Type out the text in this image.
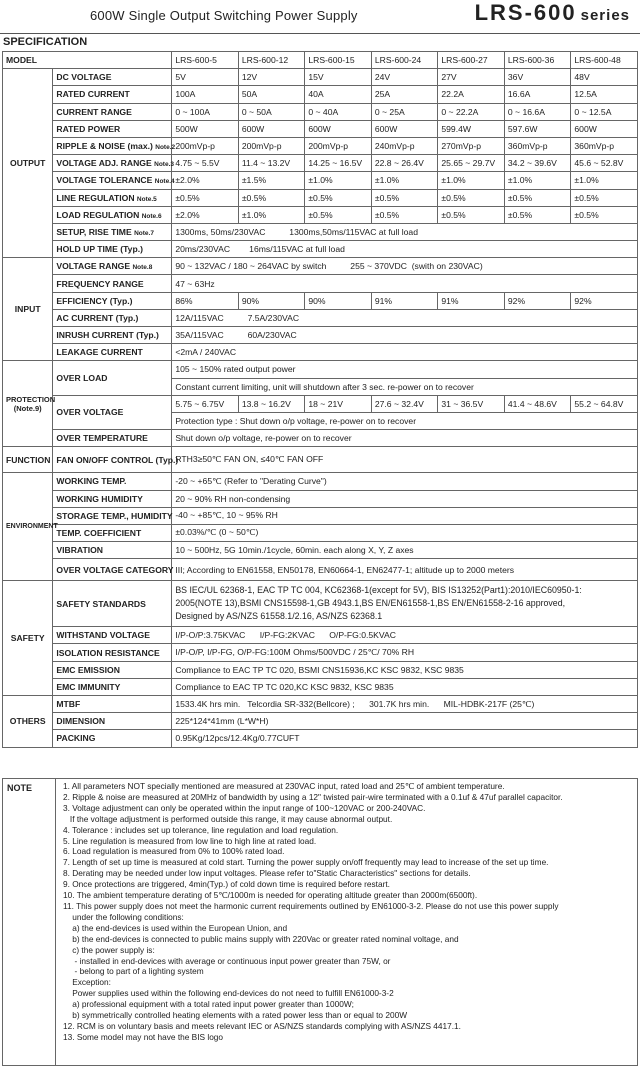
600W Single Output Switching Power Supply	LRS-600 series
SPECIFICATION
MODEL		LRS-600-5	LRS-600-12	LRS-600-15	LRS-600-24	LRS-600-27	LRS-600-36	LRS-600-48
OUTPUT	DC VOLTAGE	5V	12V	15V	24V	27V	36V	48V
	RATED CURRENT	100A	50A	40A	25A	22.2A	16.6A	12.5A
	CURRENT RANGE	0 ~ 100A	0 ~ 50A	0 ~ 40A	0 ~ 25A	0 ~ 22.2A	0 ~ 16.6A	0 ~ 12.5A
	RATED POWER	500W	600W	600W	600W	599.4W	597.6W	600W
	RIPPLE & NOISE (max.) Note.2	200mVp-p	200mVp-p	200mVp-p	240mVp-p	270mVp-p	360mVp-p	360mVp-p
	VOLTAGE ADJ. RANGE Note.3	4.75 ~ 5.5V	11.4 ~ 13.2V	14.25 ~ 16.5V	22.8 ~ 26.4V	25.65 ~ 29.7V	34.2 ~ 39.6V	45.6 ~ 52.8V
	VOLTAGE TOLERANCE Note.4	±2.0%	±1.5%	±1.0%	±1.0%	±1.0%	±1.0%	±1.0%
	LINE REGULATION Note.5	±0.5%	±0.5%	±0.5%	±0.5%	±0.5%	±0.5%	±0.5%
	LOAD REGULATION Note.6	±2.0%	±1.0%	±0.5%	±0.5%	±0.5%	±0.5%	±0.5%
	SETUP, RISE TIME Note.7	1300ms, 50ms/230VAC          1300ms,50ms/115VAC at full load						
	HOLD UP TIME (Typ.)	20ms/230VAC        16ms/115VAC at full load						
INPUT	VOLTAGE RANGE Note.8	90 ~ 132VAC / 180 ~ 264VAC by switch          255 ~ 370VDC  (swith on 230VAC)						
	FREQUENCY RANGE	47 ~ 63Hz						
	EFFICIENCY (Typ.)	86%	90%	90%	91%	91%	92%	92%
	AC CURRENT (Typ.)	12A/115VAC          7.5A/230VAC						
	INRUSH CURRENT (Typ.)	35A/115VAC          60A/230VAC						
	LEAKAGE CURRENT	<2mA / 240VAC						
PROTECTION
(Note.9)	OVER LOAD	105 ~ 150% rated output power						
		Constant current limiting, unit will shutdown after 3 sec. re-power on to recover						
	OVER VOLTAGE	5.75 ~ 6.75V	13.8 ~ 16.2V	18 ~ 21V	27.6 ~ 32.4V	31 ~ 36.5V	41.4 ~ 48.6V	55.2 ~ 64.8V
		Protection type : Shut down o/p voltage, re-power on to recover						
	OVER TEMPERATURE	Shut down o/p voltage, re-power on to recover						
FUNCTION	FAN ON/OFF CONTROL (Typ.)	RTH3≥50℃ FAN ON, ≤40℃ FAN OFF						
ENVIRONMENT	WORKING TEMP.	-20 ~ +65℃ (Refer to "Derating Curve")						
	WORKING HUMIDITY	20 ~ 90% RH non-condensing						
	STORAGE TEMP., HUMIDITY	-40 ~ +85℃, 10 ~ 95% RH						
	TEMP. COEFFICIENT	±0.03%/℃ (0 ~ 50℃)						
	VIBRATION	10 ~ 500Hz, 5G 10min./1cycle, 60min. each along X, Y, Z axes						
	OVER VOLTAGE CATEGORY	III; According to EN61558, EN50178, EN60664-1, EN62477-1; altitude up to 2000 meters						
SAFETY	SAFETY STANDARDS	BS IEC/UL 62368-1, EAC TP TC 004, KC62368-1(except for 5V), BIS IS13252(Part1):2010/IEC60950-1:
2005(NOTE 13),BSMI CNS15598-1,GB 4943.1,BS EN/EN61558-1,BS EN/EN61558-2-16 approved,
Designed by AS/NZS 61558.1/2.16, AS/NZS 62368.1						

	WITHSTAND VOLTAGE	I/P-O/P:3.75KVAC      I/P-FG:2KVAC      O/P-FG:0.5KVAC						
	ISOLATION RESISTANCE	I/P-O/P, I/P-FG, O/P-FG:100M Ohms/500VDC / 25℃/ 70% RH						
	EMC EMISSION	Compliance to EAC TP TC 020, BSMI CNS15936,KC KSC 9832, KSC 9835						
	EMC IMMUNITY	Compliance to EAC TP TC 020,KC KSC 9832, KSC 9835						
OTHERS	MTBF	1533.4K hrs min.   Telcordia SR-332(Bellcore) ;      301.7K hrs min.      MIL-HDBK-217F (25℃)						
	DIMENSION	225*124*41mm (L*W*H)						
	PACKING	0.95Kg/12pcs/12.4Kg/0.77CUFT						
NOTE	1. All parameters NOT specially mentioned are measured at 230VAC input, rated load and 25℃ of ambient temperature.
2. Ripple & noise are measured at 20MHz of bandwidth by using a 12" twisted pair-wire terminated with a 0.1uf & 47uf parallel capacitor.
3. Voltage adjustment can only be operated within the input range of 100~120VAC or 200-240VAC.
If the voltage adjustment is performed outside this range, it may cause abnormal output.
4. Tolerance : includes set up tolerance, line regulation and load regulation.
5. Line regulation is measured from low line to high line at rated load.
6. Load regulation is measured from 0% to 100% rated load.
7. Length of set up time is measured at cold start. Turning the power supply on/off frequently may lead to increase of the set up time.
8. Derating may be needed under low input voltages. Please refer to"Static Characteristics" sections for details.
9. Once protections are triggered, 4min(Typ.) of cold down time is required before restart.
10. The ambient temperature derating of 5℃/1000m is needed for operating altitude greater than 2000m(6500ft).
11. This power supply does not meet the harmonic current requirements outlined by EN61000-3-2. Please do not use this power supply
under the following conditions:
a) the end-devices is used within the European Union, and
b) the end-devices is connected to public mains supply with 220Vac or greater rated nominal voltage, and
c) the power supply is:
- installed in end-devices with average or continuous input power greater than 75W, or
- belong to part of a lighting system
Exception:
Power supplies used within the following end-devices do not need to fulfill EN61000-3-2
a) professional equipment with a total rated input power greater than 1000W;
b) symmetrically controlled heating elements with a rated power less than or equal to 200W
12. RCM is on voluntary basis and meets relevant IEC or AS/NZS standards complying with AS/NZS 4417.1.
13. Some model may not have the BIS logo
